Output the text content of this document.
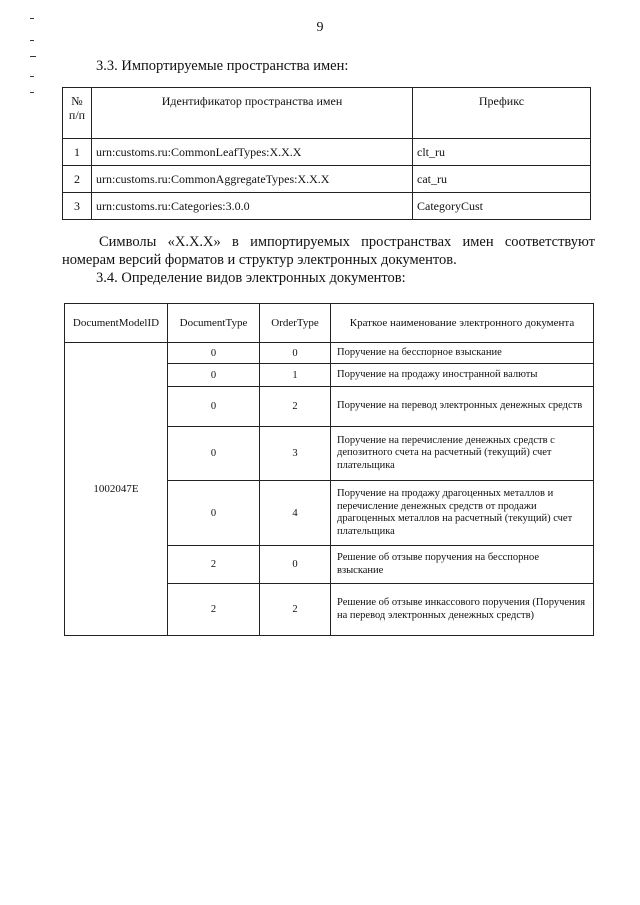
9
3.3. Импортируемые пространства имен:
№
п/п	Идентификатор пространства имен	Префикс
1	urn:customs.ru:CommonLeafTypes:X.X.X	clt_ru
2	urn:customs.ru:CommonAggregateTypes:X.X.X	cat_ru
3	urn:customs.ru:Categories:3.0.0	CategoryCust
Символы «X.X.X» в импортируемых пространствах имен соответствуют
номерам версий форматов и структур электронных документов.
3.4. Определение видов электронных документов:
DocumentModelID	DocumentType	OrderType	Краткое наименование электронного документа
1002047E	0	0	Поручение на бесспорное взыскание
	0	1	Поручение на продажу иностранной валюты
	0	2	Поручение на перевод электронных денежных средств
	0	3	Поручение на перечисление денежных средств с депозитного счета на расчетный (текущий) счет плательщика
	0	4	Поручение на продажу драгоценных металлов и перечисление денежных средств от продажи драгоценных металлов на расчетный (текущий) счет плательщика
	2	0	Решение об отзыве поручения на бесспорное взыскание
	2	2	Решение об отзыве инкассового поручения (Поручения на перевод электронных денежных средств)
